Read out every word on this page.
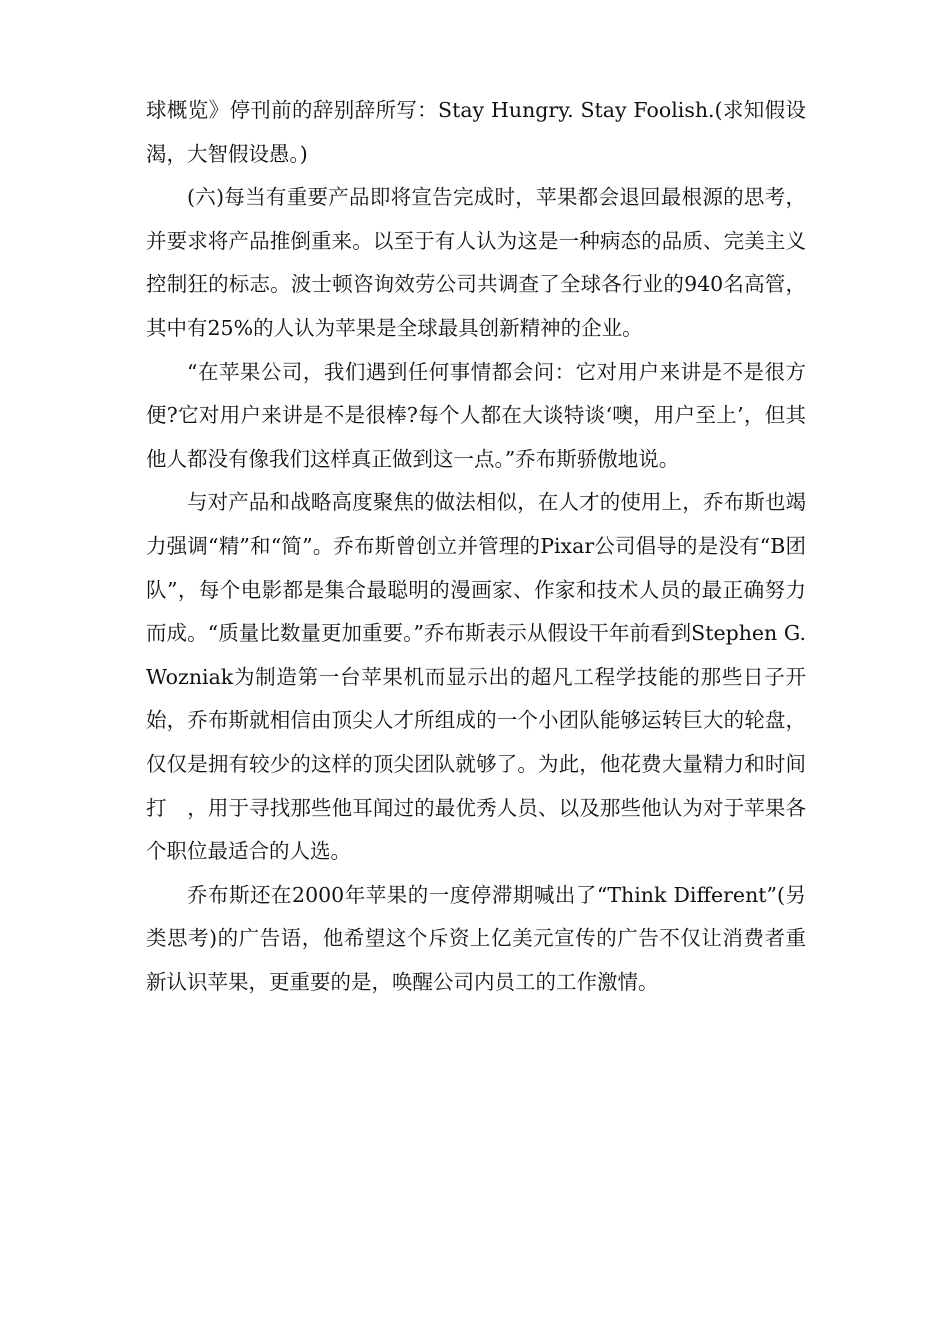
球概览》停刊前的辞别辞所写：Stay Hungry. Stay Foolish.(求知假设渴，大智假设愚。)

(六)每当有重要产品即将宣告完成时，苹果都会退回最根源的思考，并要求将产品推倒重来。以至于有人认为这是一种病态的品质、完美主义控制狂的标志。波士顿咨询效劳公司共调查了全球各行业的940名高管，其中有25%的人认为苹果是全球最具创新精神的企业。

“在苹果公司，我们遇到任何事情都会问：它对用户来讲是不是很方便?它对用户来讲是不是很棒?每个人都在大谈特谈‘噢，用户至上’，但其他人都没有像我们这样真正做到这一点。”乔布斯骄傲地说。

与对产品和战略高度聚焦的做法相似，在人才的使用上，乔布斯也竭力强调“精”和“简”。乔布斯曾创立并管理的Pixar公司倡导的是没有“B团队”，每个电影都是集合最聪明的漫画家、作家和技术人员的最正确努力而成。“质量比数量更加重要。”乔布斯表示从假设干年前看到Stephen G. Wozniak为制造第一台苹果机而显示出的超凡工程学技能的那些日子开始，乔布斯就相信由顶尖人才所组成的一个小团队能够运转巨大的轮盘，仅仅是拥有较少的这样的顶尖团队就够了。为此，他花费大量精力和时间打　，用于寻找那些他耳闻过的最优秀人员、以及那些他认为对于苹果各个职位最适合的人选。

乔布斯还在2000年苹果的一度停滞期喊出了“Think Different”(另类思考)的广告语，他希望这个斥资上亿美元宣传的广告不仅让消费者重新认识苹果，更重要的是，唤醒公司内员工的工作激情。
